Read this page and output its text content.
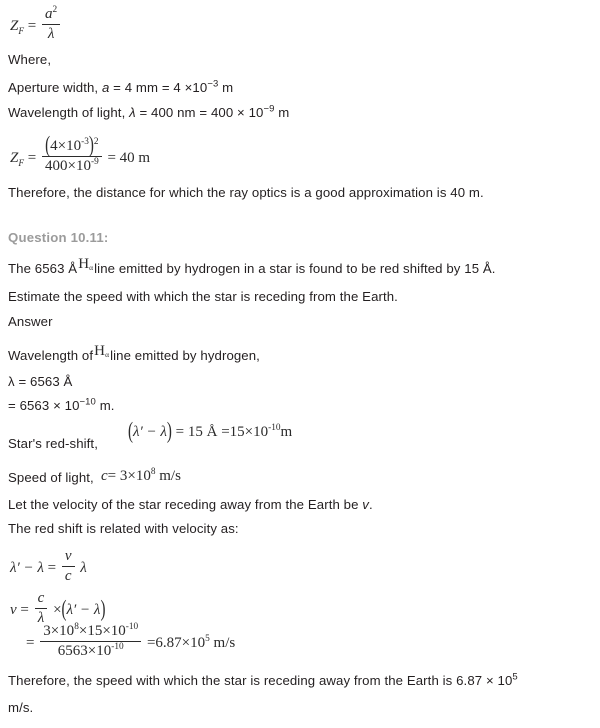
$Z_F = \frac{a^2}{\lambda}$
Where,
Aperture width, a = 4 mm = $4 \times 10^{-3}$ m
Wavelength of light, λ = 400 nm = $400 \times 10^{-9}$ m
$Z_F = \frac{(4\times 10^{-3})^2}{400\times 10^{-9}} = 40$ m
Therefore, the distance for which the ray optics is a good approximation is 40 m.
Question 10.11:
The 6563 $ÅH_\alpha line$ emitted by hydrogen in a star is found to be red shifted by 15 Å.
Estimate the speed with which the star is receding from the Earth.
Answer
Wavelength ofH$_\alpha$line emitted by hydrogen,
λ = 6563 Å
= $6563 \times 10^{-10}$ m.
Star's red-shift, (λ′ − λ) = 15 Å $=15\times 10^{-10}m$
Speed of light, $c= 3\times 10^8$ m/s
Let the velocity of the star receding away from the Earth be v.
The red shift is related with velocity as:
$\lambda' - \lambda = \frac{v}{c}$ λ
$v = \frac{c}{\lambda} \times(\lambda' - \lambda)$
= $\frac{3\times 10^8\times 15\times 10^{-10}}{6563\times 10^{-10}} =6.87\times 10^5$ m/s
Therefore, the speed with which the star is receding away from the Earth is $6.87 \times 10^5$
m/s.
